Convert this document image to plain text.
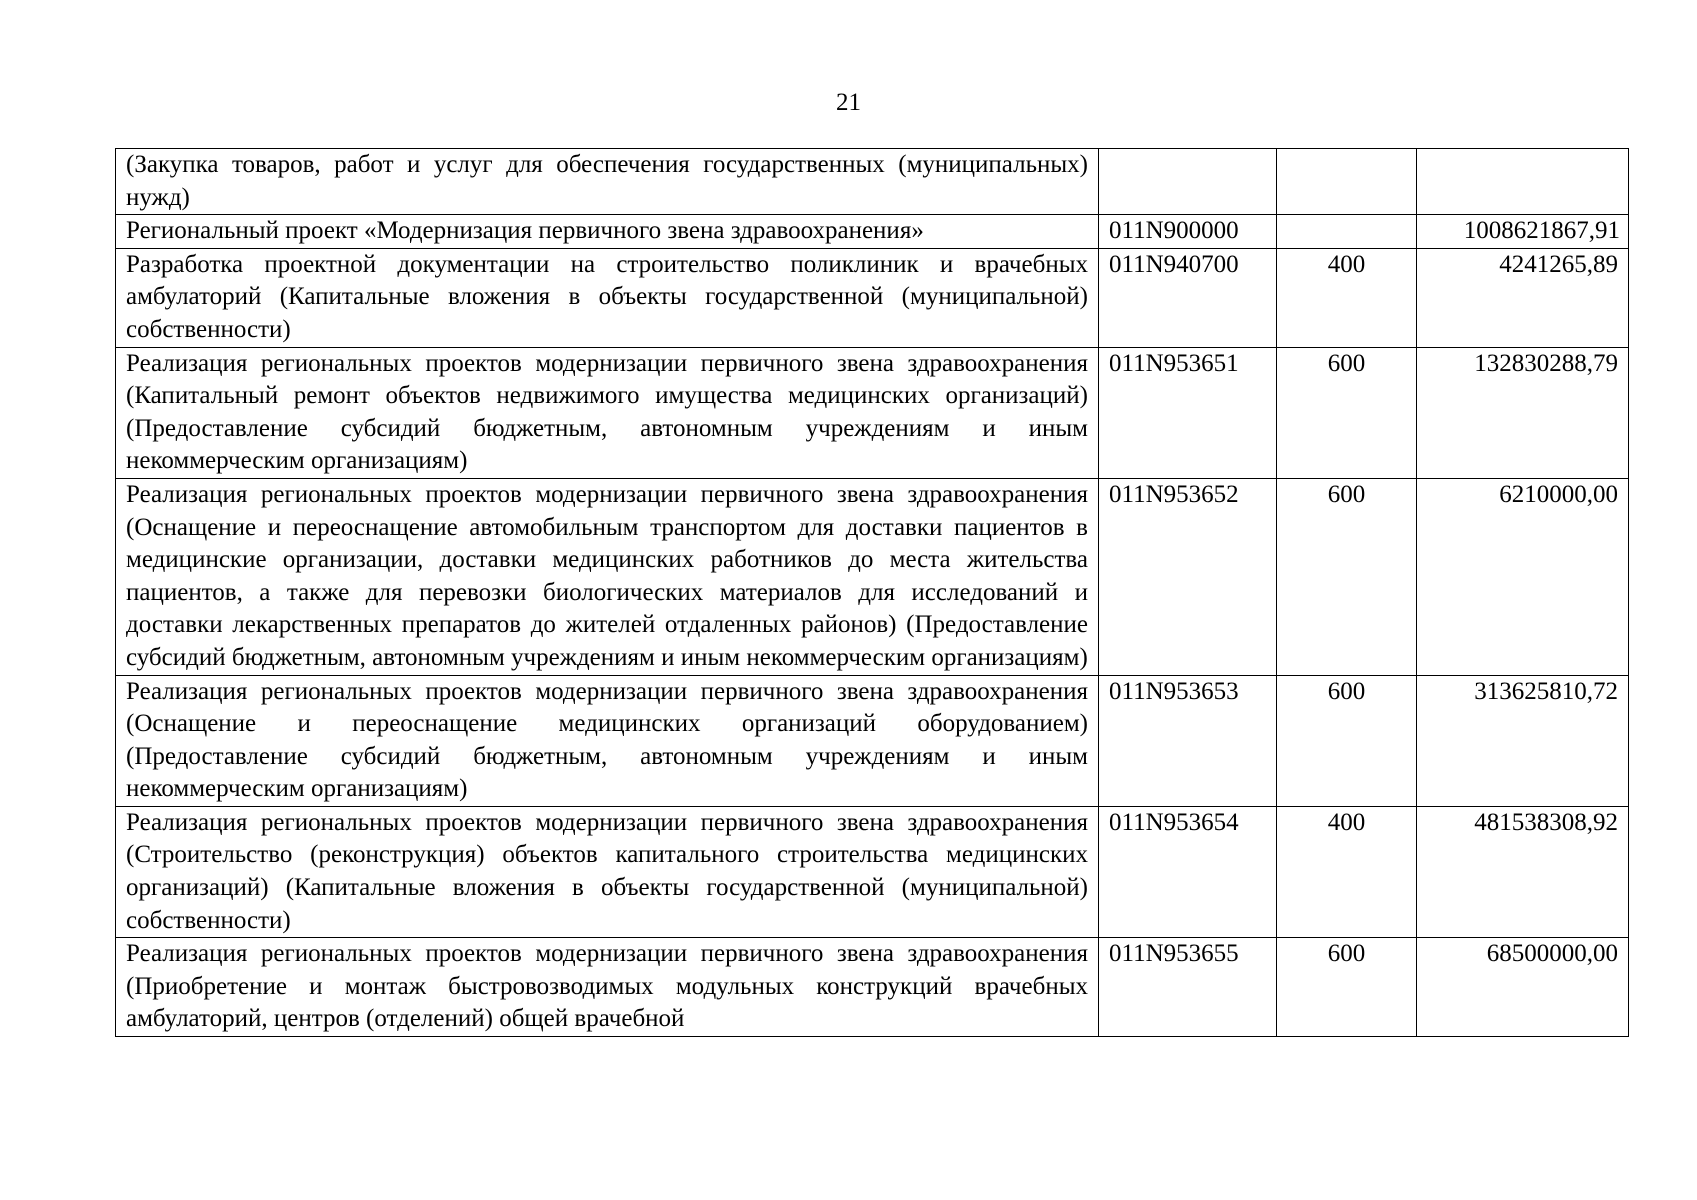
21
(Закупка товаров, работ и услуг для обеспечения государственных (муниципальных) нужд)			
Региональный проект «Модернизация первичного звена здравоохранения»	011N900000		1008621867,91
Разработка проектной документации на строительство поликлиник и врачебных амбулаторий (Капитальные вложения в объекты государственной (муниципальной) собственности)	011N940700	400	4241265,89
Реализация региональных проектов модернизации первичного звена здравоохранения (Капитальный ремонт объектов недвижимого имущества медицинских организаций) (Предоставление субсидий бюджетным, автономным учреждениям и иным некоммерческим организациям)	011N953651	600	132830288,79
Реализация региональных проектов модернизации первичного звена здравоохранения (Оснащение и переоснащение автомобильным транспортом для доставки пациентов в медицинские организации, доставки медицинских работников до места жительства пациентов, а также для перевозки биологических материалов для исследований и доставки лекарственных препаратов до жителей отдаленных районов) (Предоставление субсидий бюджетным, автономным учреждениям и иным некоммерческим организациям)	011N953652	600	6210000,00
Реализация региональных проектов модернизации первичного звена здравоохранения (Оснащение и переоснащение медицинских организаций оборудованием) (Предоставление субсидий бюджетным, автономным учреждениям и иным некоммерческим организациям)	011N953653	600	313625810,72
Реализация региональных проектов модернизации первичного звена здравоохранения (Строительство (реконструкция) объектов капитального строительства медицинских организаций) (Капитальные вложения в объекты государственной (муниципальной) собственности)	011N953654	400	481538308,92
Реализация региональных проектов модернизации первичного звена здравоохранения (Приобретение и монтаж быстровозводимых модульных конструкций врачебных амбулаторий, центров (отделений) общей врачебной	011N953655	600	68500000,00
